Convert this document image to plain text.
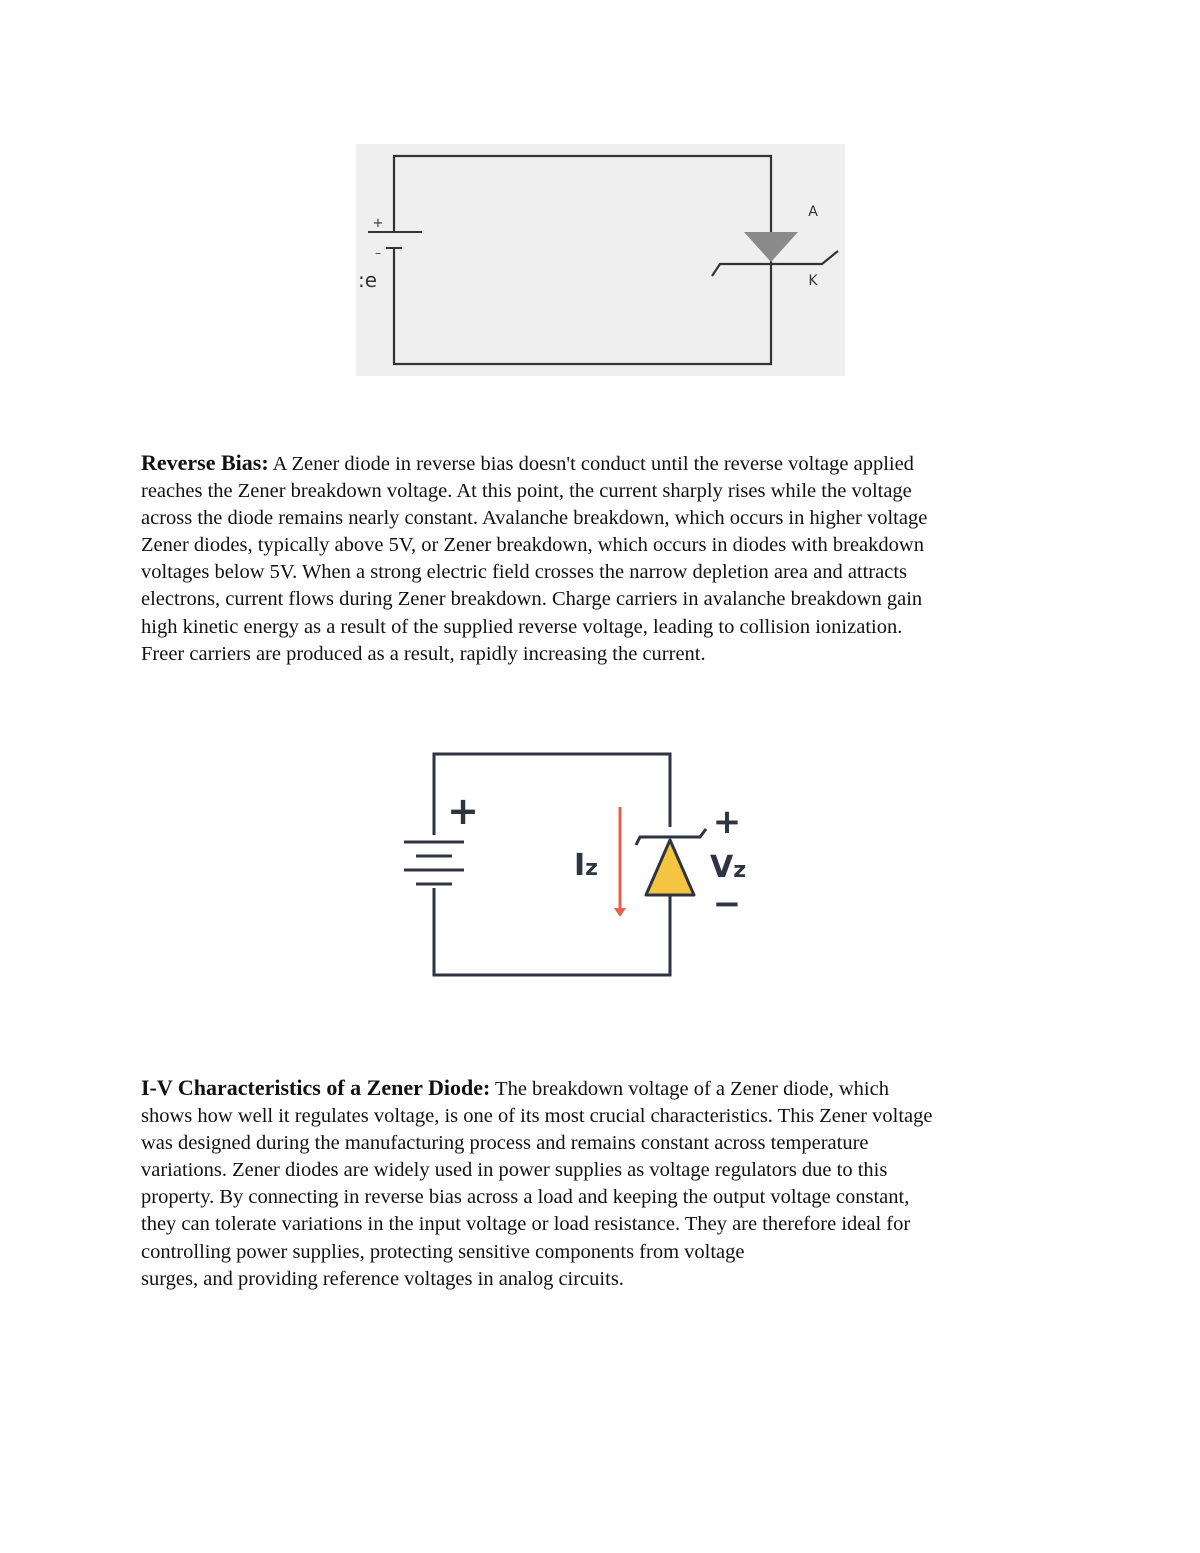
+
–
:e
A
K
Reverse Bias: A Zener diode in reverse bias doesn't conduct until the reverse voltage applied
reaches the Zener breakdown voltage. At this point, the current sharply rises while the voltage
across the diode remains nearly constant. Avalanche breakdown, which occurs in higher voltage
Zener diodes, typically above 5V, or Zener breakdown, which occurs in diodes with breakdown
voltages below 5V. When a strong electric field crosses the narrow depletion area and attracts
electrons, current flows during Zener breakdown. Charge carriers in avalanche breakdown gain
high kinetic energy as a result of the supplied reverse voltage, leading to collision ionization.
Freer carriers are produced as a result, rapidly increasing the current.
+
Iz
+
Vz
−
I-V Characteristics of a Zener Diode: The breakdown voltage of a Zener diode, which
shows how well it regulates voltage, is one of its most crucial characteristics. This Zener voltage
was designed during the manufacturing process and remains constant across temperature
variations. Zener diodes are widely used in power supplies as voltage regulators due to this
property. By connecting in reverse bias across a load and keeping the output voltage constant,
they can tolerate variations in the input voltage or load resistance. They are therefore ideal for
controlling power supplies, protecting sensitive components from voltage
surges, and providing reference voltages in analog circuits.
